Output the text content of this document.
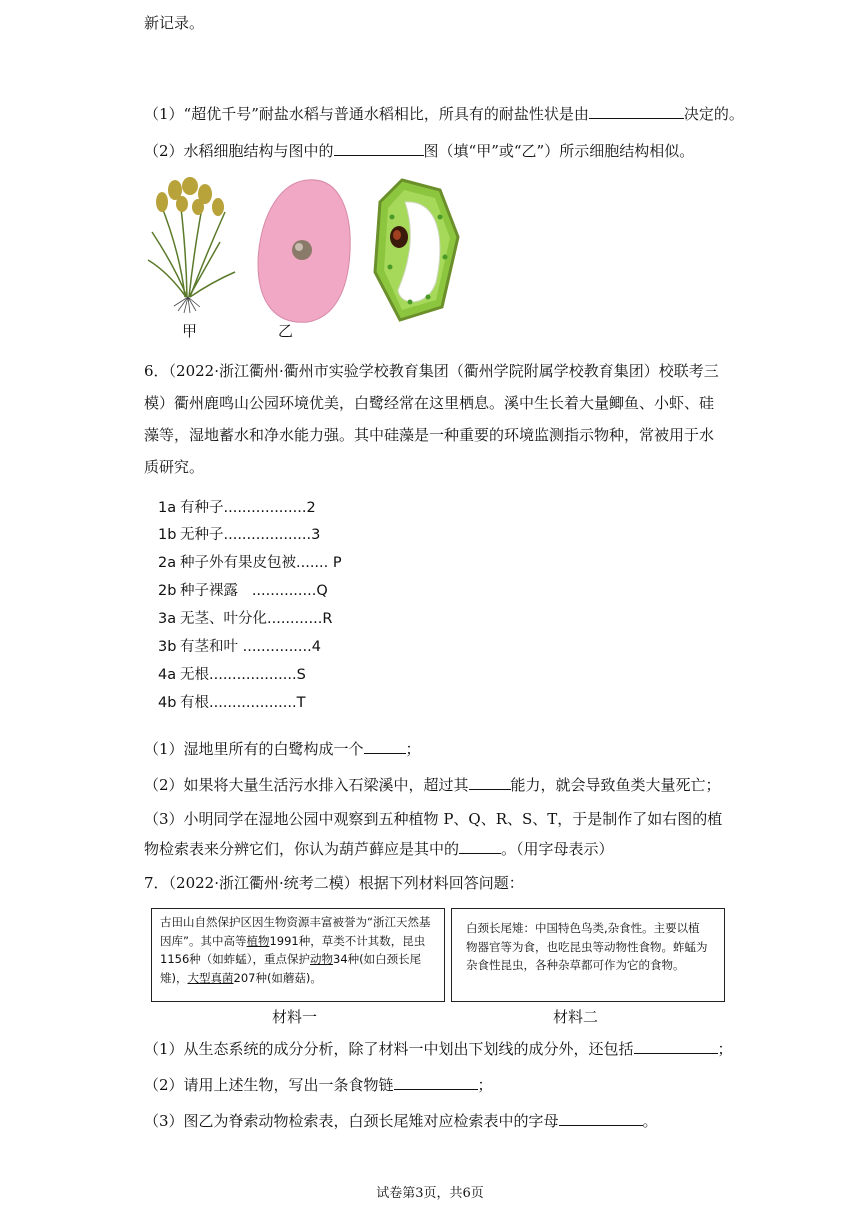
新记录。
（1）“超优千号”耐盐水稻与普通水稻相比，所具有的耐盐性状是由	决定的。
（2）水稻细胞结构与图中的	图（填“甲”或“乙”）所示细胞结构相似。
甲	乙
6．（2022·浙江衢州·衢州市实验学校教育集团（衢州学院附属学校教育集团）校联考三
模）衢州鹿鸣山公园环境优美，白鹭经常在这里栖息。溪中生长着大量鲫鱼、小虾、硅
藻等，湿地蓄水和净水能力强。其中硅藻是一种重要的环境监测指示物种，常被用于水
质研究。
1a 有种子..................2
1b 无种子...................3
2a 种子外有果皮包被....... P
2b 种子裸露 ..............Q
3a 无茎、叶分化............R
3b 有茎和叶 ...............4
4a 无根...................S
4b 有根...................T
（1）湿地里所有的白鹭构成一个	；
（2）如果将大量生活污水排入石梁溪中，超过其	能力，就会导致鱼类大量死亡；
（3）小明同学在湿地公园中观察到五种植物 P、Q、R、S、T，于是制作了如右图的植
物检索表来分辨它们，你认为葫芦藓应是其中的	。（用字母表示）
7．（2022·浙江衢州·统考二模）根据下列材料回答问题：
古田山自然保护区因生物资源丰富被誉为“浙江天然基因库”。其中高等植物1991种，草类不计其数，昆虫1156种（如蚱蜢），重点保护动物34种(如白颈长尾雉)，大型真菌207种(如蘑菇)。
白颈长尾雉：中国特色鸟类,杂食性。主要以植物器官等为食，也吃昆虫等动物性食物。蚱蜢为杂食性昆虫，各种杂草都可作为它的食物。
材料一	材料二
（1）从生态系统的成分分析，除了材料一中划出下划线的成分外，还包括	；
（2）请用上述生物，写出一条食物链	；
（3）图乙为脊索动物检索表，白颈长尾雉对应检索表中的字母	。
试卷第3页，共6页
